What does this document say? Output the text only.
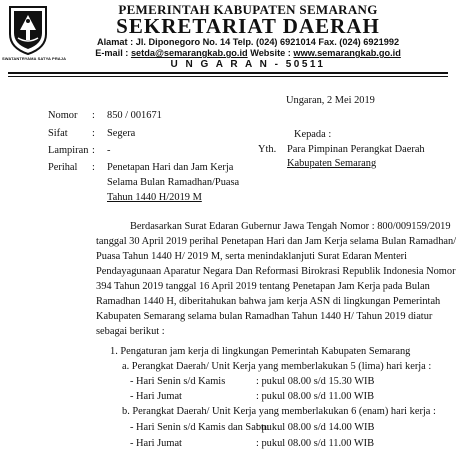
SWATANTRYAMA SATYA PRAJA
PEMERINTAH KABUPATEN SEMARANG
SEKRETARIAT DAERAH
Alamat : Jl. Diponegoro No. 14 Telp. (024) 6921014 Fax. (024) 6921992
E-mail : setda@semarangkab.go.id Website : www.semarangkab.go.id
U N G A R A N - 50511
Ungaran, 2 Mei 2019
Nomor : 850 / 001671
Sifat : Segera
Lampiran : -
Perihal : Penetapan Hari dan Jam Kerja
Selama Bulan Ramadhan/Puasa
Tahun 1440 H/2019 M
Kepada :
Yth. Para Pimpinan Perangkat Daerah
Kabupaten Semarang
Berdasarkan Surat Edaran Gubernur Jawa Tengah Nomor : 800/009159/2019
tanggal 30 April 2019 perihal Penetapan Hari dan Jam Kerja selama Bulan Ramadhan/
Puasa Tahun 1440 H/ 2019 M, serta menindaklanjuti Surat Edaran Menteri
Pendayagunaan Aparatur Negara Dan Reformasi Birokrasi Republik Indonesia Nomor
394 Tahun 2019 tanggal 16 April 2019 tentang Penetapan Jam Kerja pada Bulan
Ramadhan 1440 H, diberitahukan bahwa jam kerja ASN di lingkungan Pemerintah
Kabupaten Semarang selama bulan Ramadhan Tahun 1440 H/ Tahun 2019 diatur
sebagai berikut :
1. Pengaturan jam kerja di lingkungan Pemerintah Kabupaten Semarang
a. Perangkat Daerah/ Unit Kerja yang memberlakukan 5 (lima) hari kerja :
- Hari Senin s/d Kamis	: pukul 08.00 s/d 15.30 WIB
- Hari Jumat	: pukul 08.00 s/d 11.00 WIB
b. Perangkat Daerah/ Unit Kerja yang memberlakukan 6 (enam) hari kerja :
- Hari Senin s/d Kamis dan Sabtu
: pukul 08.00 s/d 14.00 WIB
- Hari Jumat	: pukul 08.00 s/d 11.00 WIB
